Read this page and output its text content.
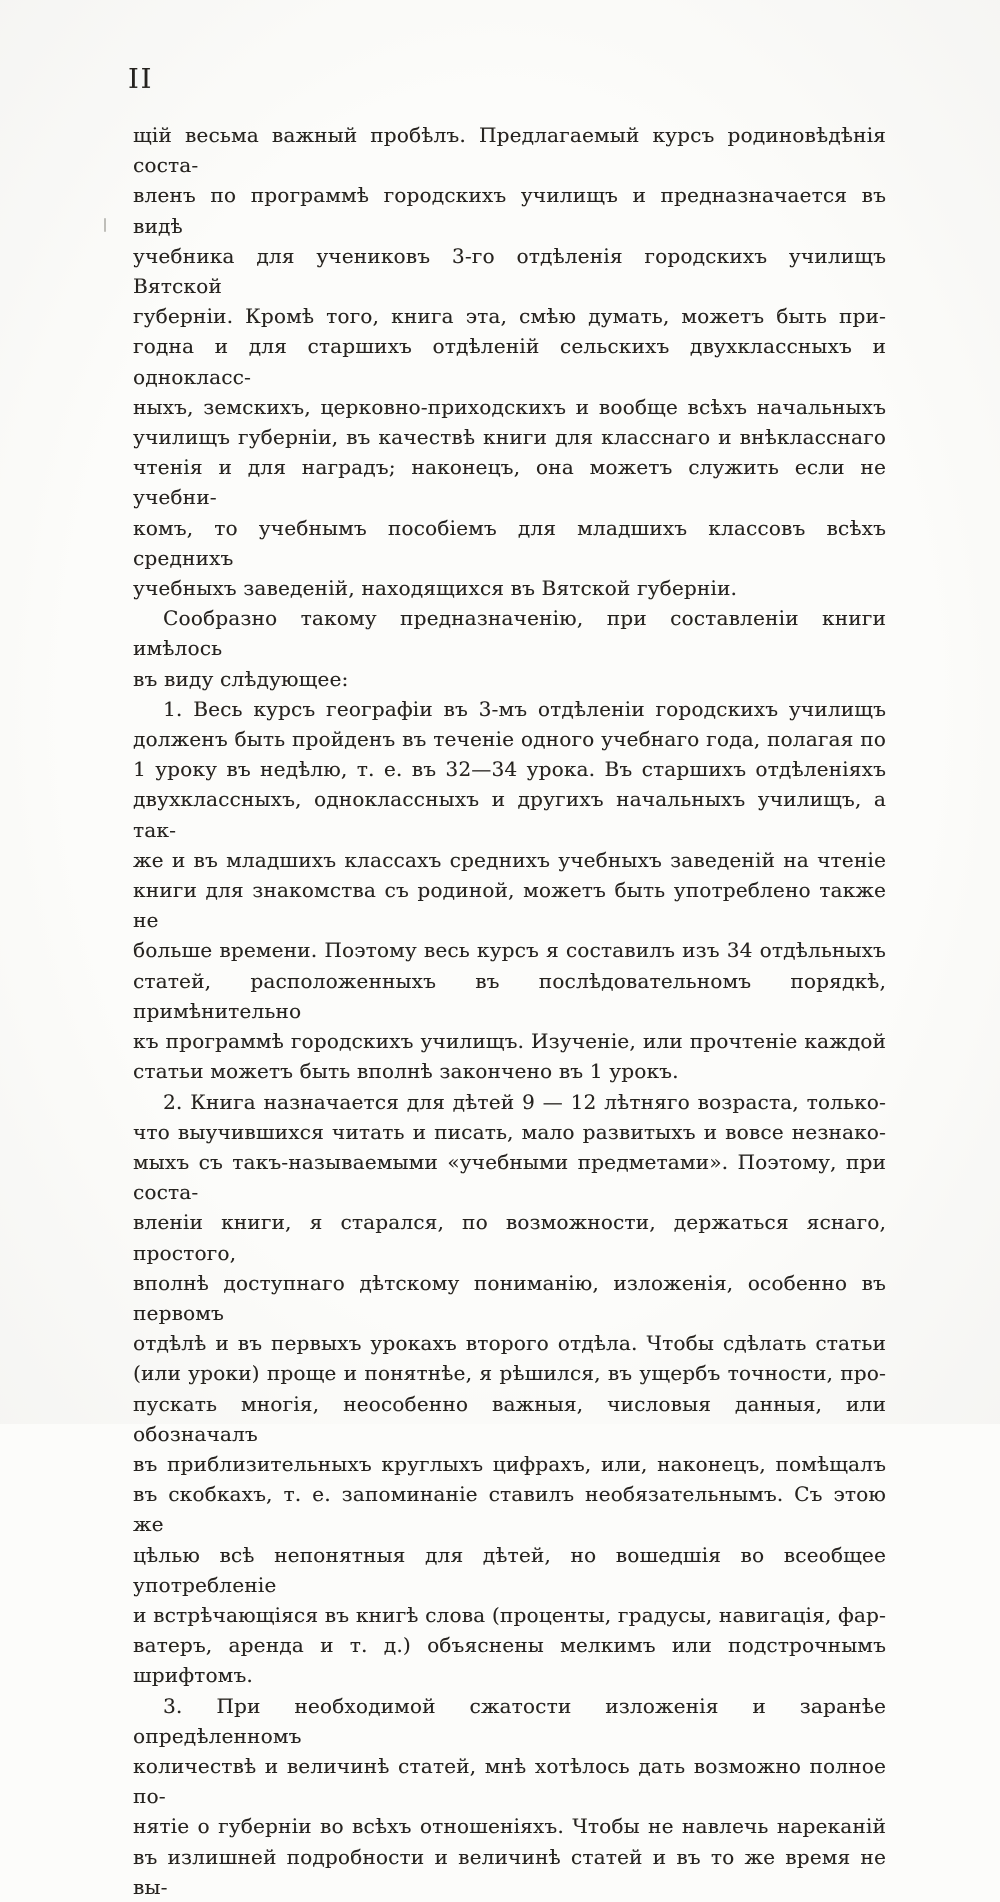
II
щій весьма важный пробѣлъ. Предлагаемый курсъ родиновѣдѣнія соста-
вленъ по программѣ городскихъ училищъ и предназначается въ видѣ
учебника для учениковъ 3-го отдѣленія городскихъ училищъ Вятской
губерніи. Кромѣ того, книга эта, смѣю думать, можетъ быть при-
годна и для старшихъ отдѣленій сельскихъ двухклассныхъ и однокласс-
ныхъ, земскихъ, церковно-приходскихъ и вообще всѣхъ начальныхъ
училищъ губерніи, въ качествѣ книги для класснаго и внѣкласснаго
чтенія и для наградъ; наконецъ, она можетъ служить если не учебни-
комъ, то учебнымъ пособіемъ для младшихъ классовъ всѣхъ среднихъ
учебныхъ заведеній, находящихся въ Вятской губерніи.
Сообразно такому предназначенію, при составленіи книги имѣлось
въ виду слѣдующее:
1. Весь курсъ географіи въ 3-мъ отдѣленіи городскихъ училищъ
долженъ быть пройденъ въ теченіе одного учебнаго года, полагая по
1 уроку въ недѣлю, т. е. въ 32—34 урока. Въ старшихъ отдѣленіяхъ
двухклассныхъ, одноклассныхъ и другихъ начальныхъ училищъ, а так-
же и въ младшихъ классахъ среднихъ учебныхъ заведеній на чтеніе
книги для знакомства съ родиной, можетъ быть употреблено также не
больше времени. Поэтому весь курсъ я составилъ изъ 34 отдѣльныхъ
статей, расположенныхъ въ послѣдовательномъ порядкѣ, примѣнительно
къ программѣ городскихъ училищъ. Изученіе, или прочтеніе каждой
статьи можетъ быть вполнѣ закончено въ 1 урокъ.
2. Книга назначается для дѣтей 9 — 12 лѣтняго возраста, только-
что выучившихся читать и писать, мало развитыхъ и вовсе незнако-
мыхъ съ такъ-называемыми «учебными предметами». Поэтому, при соста-
вленіи книги, я старался, по возможности, держаться яснаго, простого,
вполнѣ доступнаго дѣтскому пониманію, изложенія, особенно въ первомъ
отдѣлѣ и въ первыхъ урокахъ второго отдѣла. Чтобы сдѣлать статьи
(или уроки) проще и понятнѣе, я рѣшился, въ ущербъ точности, про-
пускать многія, неособенно важныя, числовыя данныя, или обозначалъ
въ приблизительныхъ круглыхъ цифрахъ, или, наконецъ, помѣщалъ
въ скобкахъ, т. е. запоминаніе ставилъ необязательнымъ. Съ этою же
цѣлью всѣ непонятныя для дѣтей, но вошедшія во всеобщее употребленіе
и встрѣчающіяся въ книгѣ слова (проценты, градусы, навигація, фар-
ватеръ, аренда и т. д.) объяснены мелкимъ или подстрочнымъ шрифтомъ.
3. При необходимой сжатости изложенія и заранѣе опредѣленномъ
количествѣ и величинѣ статей, мнѣ хотѣлось дать возможно полное по-
нятіе о губерніи во всѣхъ отношеніяхъ. Чтобы не навлечь нареканій
въ излишней подробности и величинѣ статей и въ то же время не вы-
